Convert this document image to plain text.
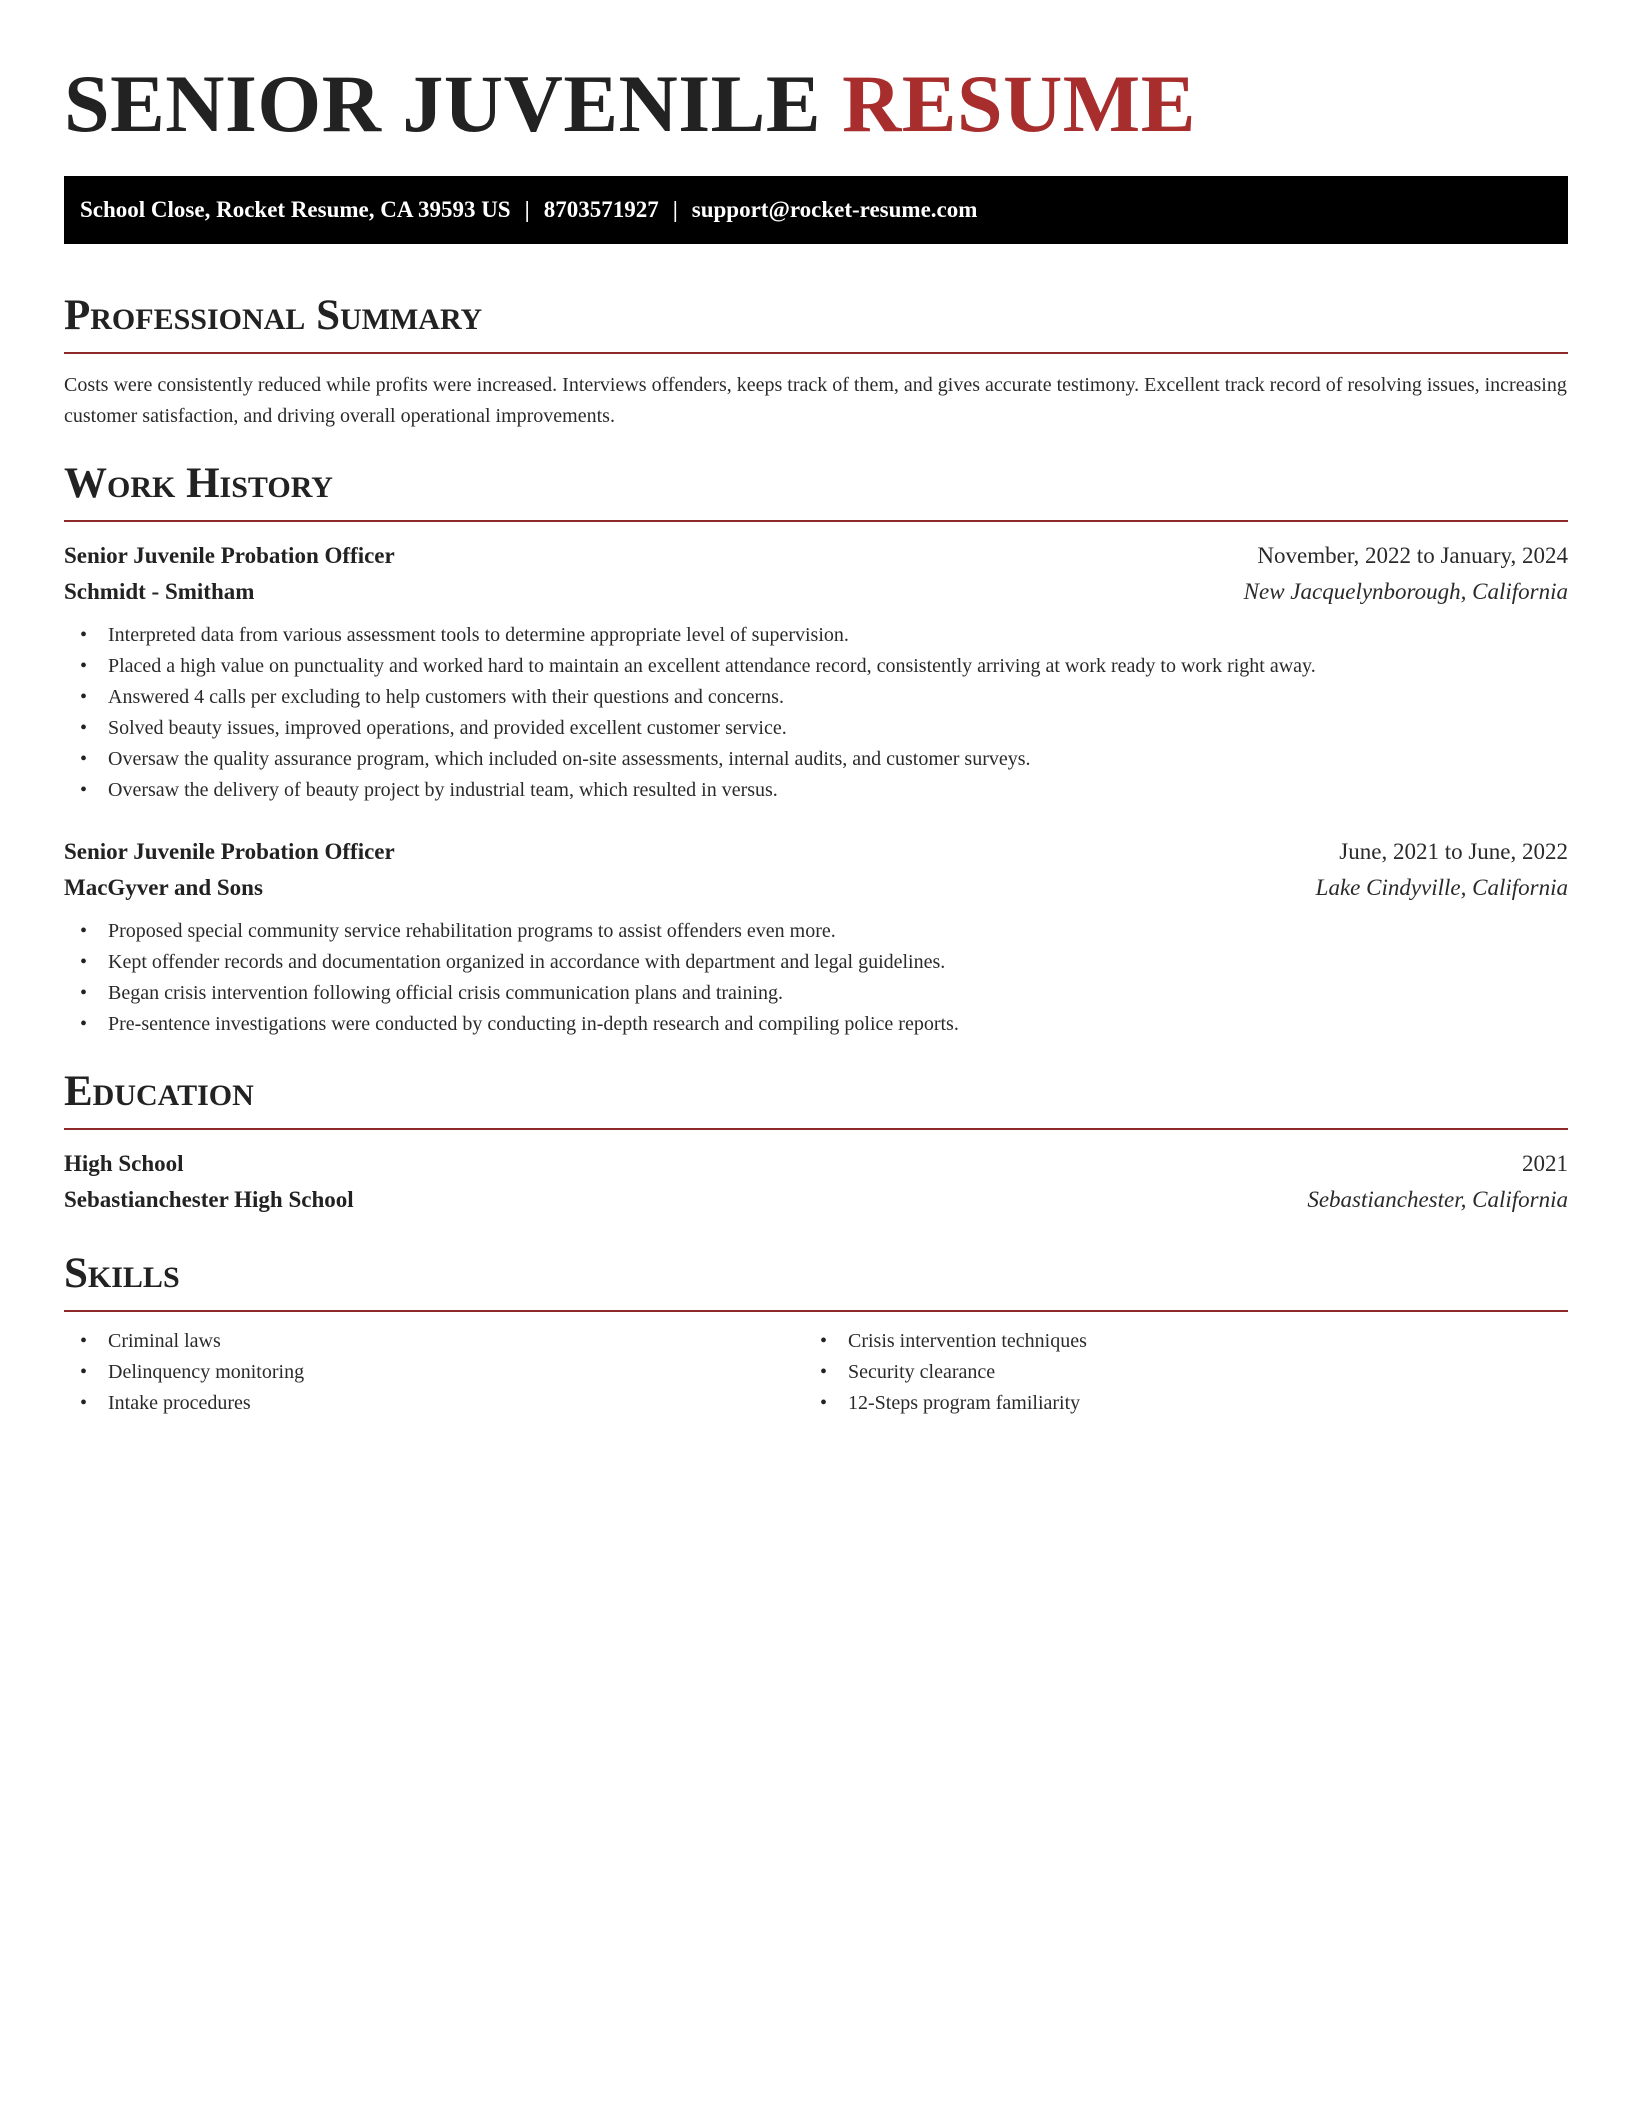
SENIOR JUVENILE RESUME
School Close, Rocket Resume, CA 39593 US | 8703571927 | support@rocket-resume.com
Professional Summary

Costs were consistently reduced while profits were increased. Interviews offenders, keeps track of them, and gives accurate testimony. Excellent track record of resolving issues, increasing customer satisfaction, and driving overall operational improvements.

Work History
Senior Juvenile Probation Officer	November, 2022 to January, 2024
Schmidt - Smitham	New Jacquelynborough, California
• Interpreted data from various assessment tools to determine appropriate level of supervision.
• Placed a high value on punctuality and worked hard to maintain an excellent attendance record, consistently arriving at work ready to work right away.
• Answered 4 calls per excluding to help customers with their questions and concerns.
• Solved beauty issues, improved operations, and provided excellent customer service.
• Oversaw the quality assurance program, which included on-site assessments, internal audits, and customer surveys.
• Oversaw the delivery of beauty project by industrial team, which resulted in versus.
Senior Juvenile Probation Officer	June, 2021 to June, 2022
MacGyver and Sons	Lake Cindyville, California
• Proposed special community service rehabilitation programs to assist offenders even more.
• Kept offender records and documentation organized in accordance with department and legal guidelines.
• Began crisis intervention following official crisis communication plans and training.
• Pre-sentence investigations were conducted by conducting in-depth research and compiling police reports.
Education
High School	2021
Sebastianchester High School	Sebastianchester, California
Skills
• Criminal laws
• Delinquency monitoring
• Intake procedures
• Crisis intervention techniques
• Security clearance
• 12-Steps program familiarity
